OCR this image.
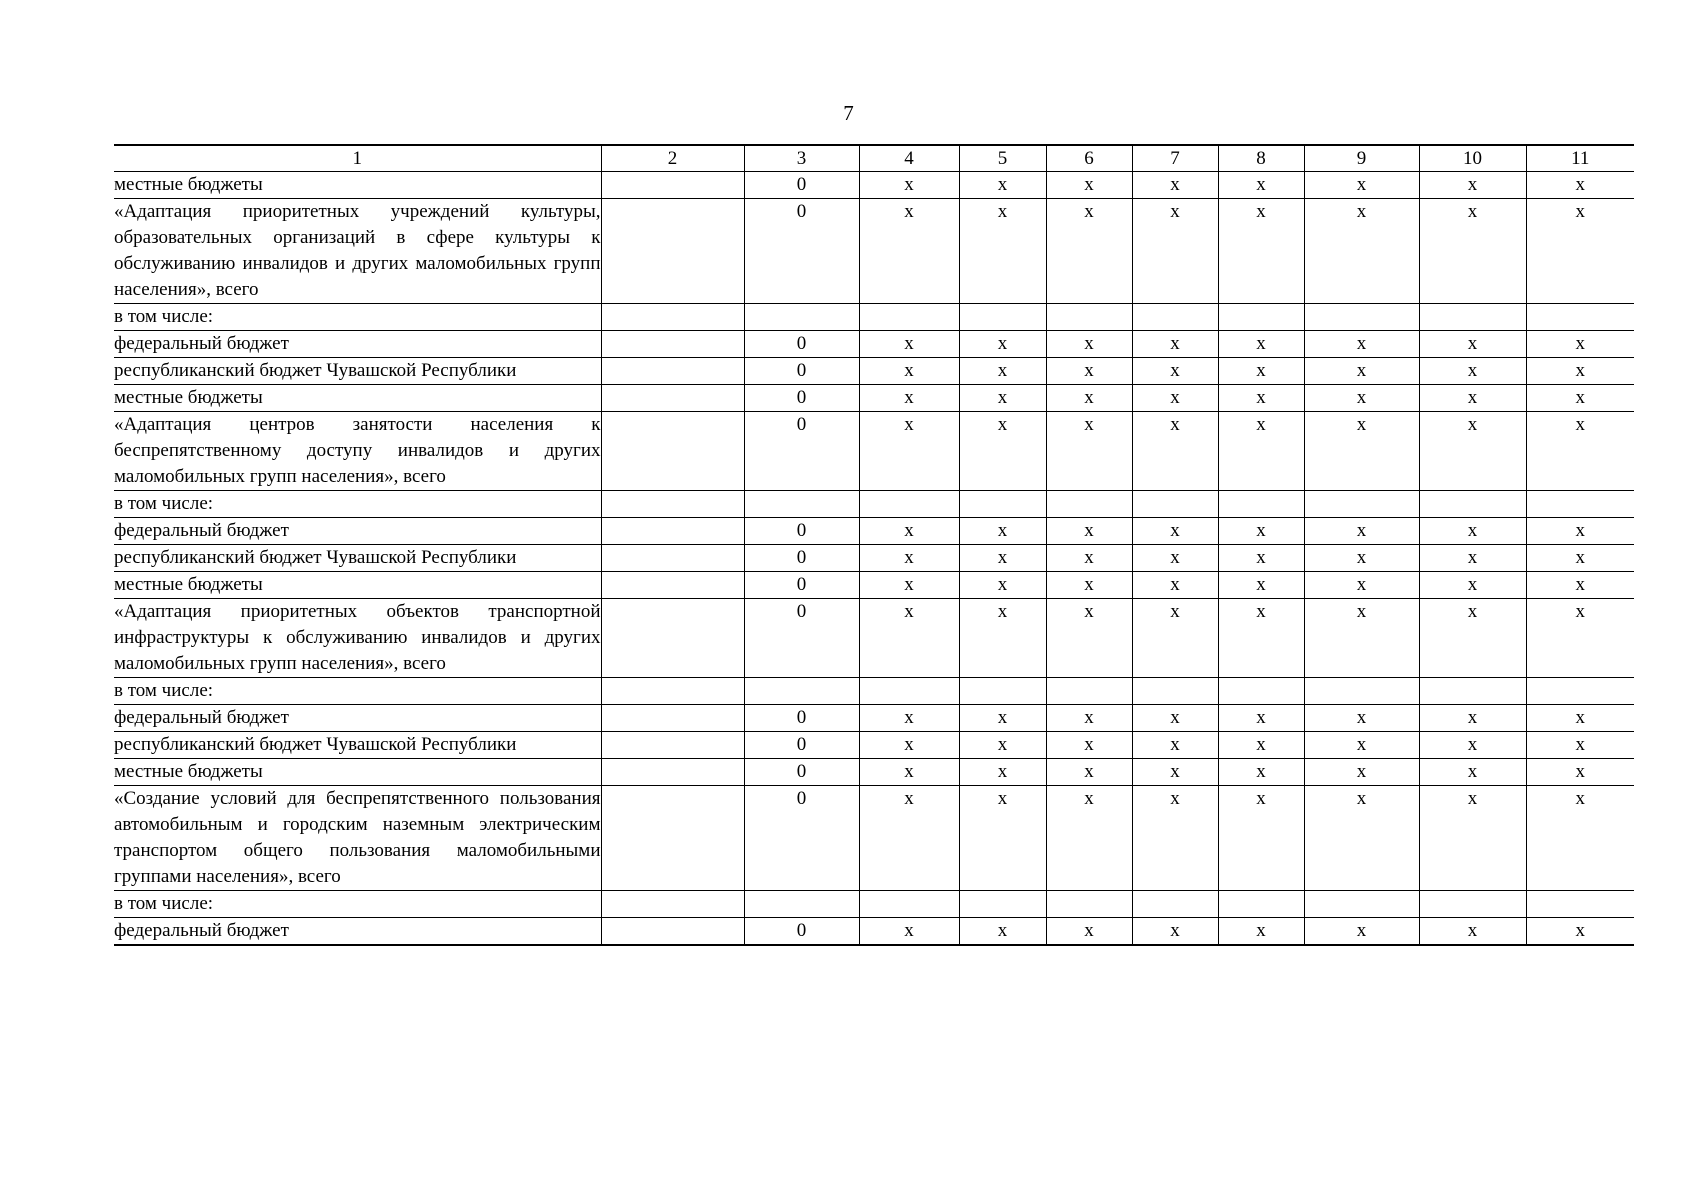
7
1	2	3	4	5	6	7	8	9	10	11
местные бюджеты		0	x	x	x	x	x	x	x	x
«Адаптация приоритетных учреждений культуры, образовательных организаций в сфере культуры к обслуживанию инвалидов и других маломобильных групп населения», всего		0	x	x	x	x	x	x	x	x
в том числе:										
федеральный бюджет		0	x	x	x	x	x	x	x	x
республиканский бюджет Чувашской Республики		0	x	x	x	x	x	x	x	x
местные бюджеты		0	x	x	x	x	x	x	x	x
«Адаптация центров занятости населения к беспрепятственному доступу инвалидов и других маломобильных групп населения», всего		0	x	x	x	x	x	x	x	x
в том числе:										
федеральный бюджет		0	x	x	x	x	x	x	x	x
республиканский бюджет Чувашской Республики		0	x	x	x	x	x	x	x	x
местные бюджеты		0	x	x	x	x	x	x	x	x
«Адаптация приоритетных объектов транспортной инфраструктуры к обслуживанию инвалидов и других маломобильных групп населения», всего		0	x	x	x	x	x	x	x	x
в том числе:										
федеральный бюджет		0	x	x	x	x	x	x	x	x
республиканский бюджет Чувашской Республики		0	x	x	x	x	x	x	x	x
местные бюджеты		0	x	x	x	x	x	x	x	x
«Создание условий для беспрепятственного пользования автомобильным и городским наземным электрическим транспортом общего пользования маломобильными группами населения», всего		0	x	x	x	x	x	x	x	x
в том числе:										
федеральный бюджет		0	x	x	x	x	x	x	x	x
